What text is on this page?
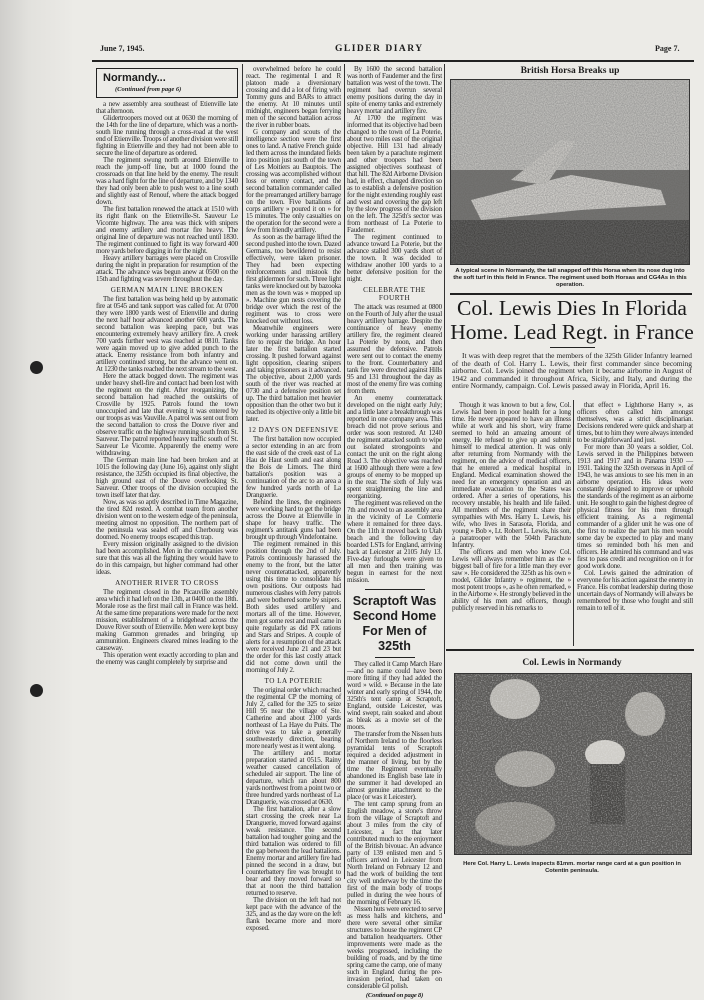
June 7, 1945.	GLIDER DIARY	Page 7.
Normandy...
(Continued from page 6)

a new assembly area southeast of Etienville late that afternoon.

Glidertroopers moved out at 0630 the morning of the 14th for the line of departure, which was a north-south line running through a cross-road at the west end of Etienville. Troops of another division were still fighting in Etienville and they had not been able to secure the line of departure as ordered.

The regiment swung north around Etienville to reach the jump-off line, but at 1000 found the crossroads on that line held by the enemy. The result was a hard fight for the line of departure, and by 1340 they had only been able to push west to a line south and slightly east of Renouf, where the attack bogged down.

The first battalion renewed the attack at 1510 with its right flank on the Etienville-St. Sauveur Le Vicomte highway. The area was thick with snipers and enemy artillery and mortar fire heavy. The original line of departure was not reached until 1830. The regiment continued to fight its way forward 400 more yards before digging in for the night.

Heavy artillery barrages were placed on Crosville during the night in preparation for resumption of the attack. The advance was begun anew at 0500 on the 15th and fighting was severe throughout the day.

GERMAN MAIN LINE BROKEN

The first battalion was being held up by automatic fire at 0545 and tank support was called for. At 0700 they were 1800 yards west of Etienville and during the next half hour advanced another 600 yards. The second battalion was keeping pace, but was encountering extremely heavy artillery fire. A creek 700 yards further west was reached at 0810. Tanks were again moved up to give added punch to the attack. Enemy resistance from both infantry and artillery continued strong, but the advance went on. At 1230 the tanks reached the next stream to the west.

Here the attack bogged down. The regiment was under heavy shell-fire and contact had been lost with the regiment on the right. After reorganizing, the second battalion had reached the outskirts of Crosville by 1925. Patrols found the town unoccupied and late that evening it was entered by our troops as was Vauville. A patrol was sent out from the second battalion to cross the Douve river and observe traffic on the highway running south from St. Sauveur. The patrol reported heavy traffic south of St. Sauveur Le Vicomte. Apparently the enemy were withdrawing.

The German main line had been broken and at 1015 the following day (June 16), against only slight resistance, the 325th occupied its final objective, the high ground east of the Douve overlooking St. Sauveur. Other troops of the division occupied the town itself later that day.

Now, as was so aptly described in Time Magazine, the tired 82d rested. A combat team from another division went on to the western edge of the peninsula, meeting almost no opposition. The northern part of the peninsula was sealed off and Cherbourg was doomed. No enemy troops escaped this trap.

Every mission originally assigned to the division had been accomplished. Men in the companies were sure that this was all the fighting they would have to do in this campaign, but higher command had other ideas.

ANOTHER RIVER TO CROSS

The regiment closed in the Picauville assembly area which it had left on the 13th, at 0400 on the 18th. Morale rose as the first mail call in France was held. At the same time preparations were made for the next mission, establishment of a bridgehead across the Douve River south of Etienville. Men were kept busy making Gammon grenades and bringing up ammunition. Engineers cleared mines leading to the causeway.

This operation went exactly according to plan and the enemy was caught completely by surprise and

overwhelmed before he could react. The regimental I and R platoon made a diversionary crossing and did a lot of firing with Tommy guns and BARs to attract the enemy. At 10 minutes until midnight, engineers began ferrying men of the second battalion across the river in rubber boats.

G company and scouts of the intelligence section were the first ones to land. A native French guide led them across the inundated fields into position just south of the town of Les Moitiers au Bauptois. The crossing was accomplished without loss or enemy contact, and the second battalion commander called for the prearranged artillery barrage on the town. Five battalions of corps artillery » poured it on » for 15 minutes. The only casualties on the operation for the second were a few from friendly artillery.

As soon as the barrage lifted the second pushed into the town. Dazed Germans, too bewildered to resist effectively, were taken prisoner. They had been expecting reinforcements and mistook the first glidermen for such. Three light tanks were knocked out by bazooka men as the town was » mopped up ». Machine gun nests covering the bridge over which the rest of the regiment was to cross were knocked out without loss.

Meanwhile engineers were working under harassing artillery fire to repair the bridge. An hour later the first battalion started crossing. It pushed forward against light opposition, clearing snipers and taking prisoners as it advanced. The objective, about 2,000 yards south of the river was reached at 0730 and a defensive position set up. The third battalion met heavier opposition than the other two but it reached its objective only a little bit later.

12 DAYS ON DEFENSIVE

The first battalion now occupied a sector extending in an arc from the east side of the creek east of La Hau de Haut south and east along the Bois de Limors. The third battalion's position was a continuation of the arc to an area a few hundred yards north of La Dranguerie.

Behind the lines, the engineers were working hard to get the bridge across the Douve at Etienville in shape for heavy traffic. The regiment's antitank guns had been brought up through Vindefontaine.

The regiment remained in this position through the 2nd of July. Patrols continuously harassed the enemy to the front, but the latter never counterattacked, apparently using this time to consolidate his own positions. Our outposts had numerous clashes with Jerry patrols and were bothered some by snipers. Both sides used artillery and mortars all of the time. However, men got some rest and mail came in quite regularly as did PX rations and Stars and Stripes. A couple of alerts for a resumption of the attack were received June 21 and 23 but the order for this last costly attack did not come down until the morning of July 2.

TO LA POTERIE

The original order which reached the regimental CP the morning of July 2, called for the 325 to seize Hill 95 near the village of Ste. Catherine and about 2100 yards northeast of La Haye du Puits. The drive was to take a generally southwesterly direction, bearing more nearly west as it went along.

The artillery and mortar preparation started at 0515. Rainy weather caused cancellation of scheduled air support. The line of departure, which ran about 800 yards northwest from a point two or three hundred yards northeast of La Dranguerie, was crossed at 0630.

The first battalion, after a slow start crossing the creek near La Dranguerie, moved forward against weak resistance. The second battalion had tougher going and the third battalion was ordered to fill the gap between the lead battalions. Enemy mortar and artillery fire had pinned the second in a draw, but counterbattery fire was brought to bear and they moved forward so that at noon the third battalion returned to reserve.

The division on the left had not kept pace with the advance of the 325, and as the day wore on the left flank became more and more exposed.

By 1600 the second battalion was north of Faudemer and the first battalion was west of the town. The regiment had overrun several enemy positions during the day in spite of enemy tanks and extremely heavy mortar and artillery fire.

At 1700 the regiment was informed that its objective had been changed to the town of La Poterie, about two miles east of the original objective. Hill 131 had already been taken by a parachute regiment and other troopers had been assigned objectives southeast of that hill. The 82d Airborne Division had, in effect, changed direction so as to establish a defensive position for the night extending roughly east and west and covering the gap left by the slow progress of the division on the left. The 325th's sector was from northeast of La Poterie to Faudemer.

The regiment continued to advance toward La Poterie, but the advance stalled 300 yards short of the town. It was decided to withdraw another 100 yards to a better defensive position for the night.

CELEBRATE THE FOURTH

The attack was resumed at 0800 on the Fourth of July after the usual heavy artillery barrage. Despite the continuance of heavy enemy artillery fire, the regiment cleared La Poterie by noon, and then assumed the defensive. Patrols were sent out to contact the enemy to the front. Counterbattery and tank fire were directed against Hills 95 and 131 throughout the day as most of the enemy fire was coming from them.

An enemy counterattack developed on the night early July; and a little later a breakthrough was reported in one company area. This breach did not prove serious and order was soon restored. At 1240 the regiment attacked south to wipe out isolated strongpoints and contact the unit on the right along Road 3. The objective was reached at 1600 although there were a few groups of enemy to be mopped up in the rear. The sixth of July was spent straightening the line and reorganizing.

The regiment was relieved on the 7th and moved to an assembly area in the vicinity of Le Comterie where it remained for three days. On the 11th it moved back to Utah beach and the following day boarded LSTs for England, arriving back at Leicester at 2105 July 13. Five-day furloughs were given to all men and then training was begun in earnest for the next mission.

Scraptoft Was Second Home For Men of 325th

They called it Camp March Hare—and no name could have been more fitting if they had added the word » wild. » Because in the late winter and early spring of 1944, the 325th's tent camp at Scraptoft, England, outside Leicester, was wind swept, rain soaked and about as bleak as a movie set of the moors.

The transfer from the Nissen huts of Northern Ireland to the floorless pyramidal tents of Scraptoft required a decided adjustment in the manner of living, but by the time the Regiment eventually abandoned its English base late in the summer it had developed an almost genuine attachment to the place (or was it Leicester).

The tent camp sprung from an English meadow, a stone's throw from the village of Scraptoft and about 3 miles from the city of Leicester, a fact that later contributed much to the enjoyment of the British bivouac. An advance party of 139 enlisted men and 5 officers arrived in Leicester from North Ireland on February 12 and had the work of building the tent city well underway by the time the first of the main body of troops pulled in during the wee hours of the morning of February 16.

Nissen huts were erected to serve as mess halls and kitchens, and there were several other similar structures to house the regiment CP and battalion headquarters. Other improvements were made as the weeks progressed, including the building of roads, and by the time spring came the camp, one of many such in England during the pre-invasion period, had taken on considerable GI polish.

(Continued on page 8)
British Horsa Breaks up
A typical scene in Normandy, the tail snapped off this Horsa when its nose dug into the soft turf in this field in France. The regiment used both Horsas and CG4As in this operation.
Col. Lewis Dies In Florida Home. Lead Regt. in France
It was with deep regret that the members of the 325th Glider Infantry learned of the death of Col. Harry L. Lewis, their first commander since becoming airborne. Col. Lewis joined the regiment when it became airborne in August of 1942 and commanded it throughout Africa, Sicily, and Italy, and during the entire Normandy, campaign. Col. Lewis passed away in Florida, April 16.

Though it was known to but a few, Col. Lewis had been in poor health for a long time. He never appeared to have an illness while at work and his short, wiry frame seemed to hold an amazing amount of energy. He refused to give up and submit himself to medical attention. It was only after returning from Normandy with the regiment, on the advice of medical officers, that he entered a medical hospital in England. Medical examination showed the need for an emergency operation and an immediate evacuation to the States was ordered. After a series of operations, his recovery unstable, his health and life failed. All members of the regiment share their sympathies with Mrs. Harry L. Lewis, his wife, who lives in Sarasota, Florida, and young » Bob », Lt. Robert L. Lewis, his son, a paratrooper with the 504th Parachute Infantry.

The officers and men who knew Col. Lewis will always remember him as the » biggest ball of fire for a little man they ever saw ». He considered the 325th as his own » model, Glider Infantry » regiment, the » most potent troops », as he often remarked, » in the Airborne ». He strongly believed in the ability of his men and officers, though publicly reserved in his remarks to

that effect » Lighthorse Harry », as officers often called him amongst themselves, was a strict disciplinarian. Decisions rendered were quick and sharp at times, but to him they were always intended to be straightforward and just.

For more than 30 years a soldier, Col. Lewis served in the Philippines between 1913 and 1917 and in Panama 1930 — 1931. Taking the 325th overseas in April of 1943, he was anxious to see his men in an airborne operation. His ideas were constantly designed to improve or uphold the standards of the regiment as an airborne unit. He sought to gain the highest degree of physical fitness for his men through efficient training. As a regimental commander of a glider unit he was one of the first to realize the part his men would some day be expected to play and many times so reminded both his men and officers. He admired his command and was first to pass credit and recognition on it for good work done.

Col. Lewis gained the admiration of everyone for his action against the enemy in France. His combat leadership during those uncertain days of Normandy will always be remembered by those who fought and still remain to tell of it.

Col. Lewis in Normandy
Here Col. Harry L. Lewis inspects 81mm. mortar range card at a gun position in Cotentin peninsula.
